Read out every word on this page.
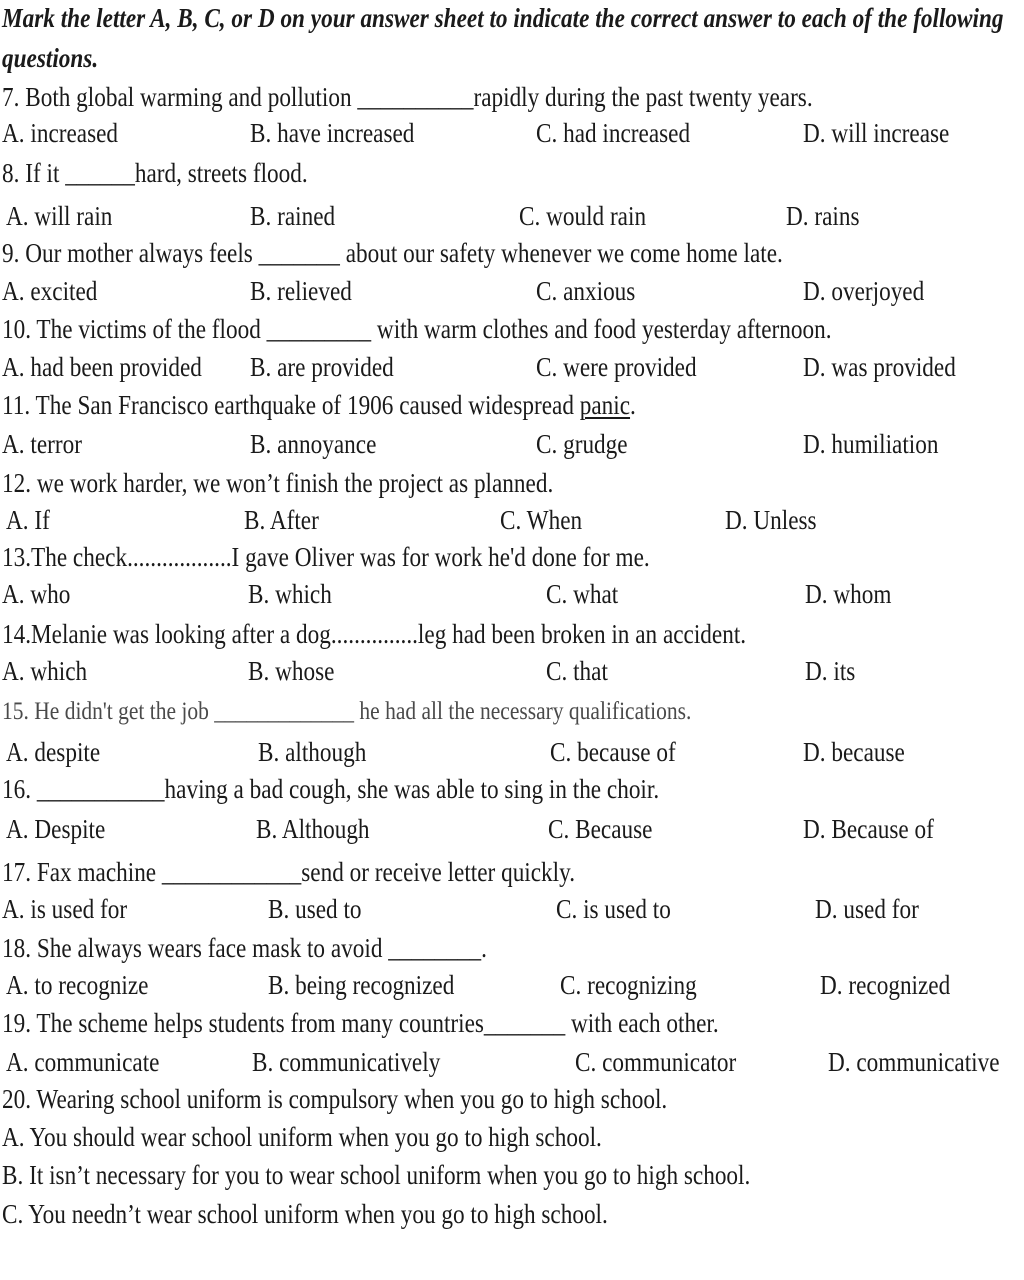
Mark the letter A, B, C, or D on your answer sheet to indicate the correct answer to each of the following
questions.
7. Both global warming and pollution __________rapidly during the past twenty years.
A. increased	B. have increased	C. had increased	D. will increase
8. If it ______hard, streets flood.
A. will rain	B. rained	C. would rain	D. rains
9. Our mother always feels _______ about our safety whenever we come home late.
A. excited	B. relieved	C. anxious	D. overjoyed
10. The victims of the flood _________ with warm clothes and food yesterday afternoon.
A. had been provided B. are provided	C. were provided	D. was provided
11. The San Francisco earthquake of 1906 caused widespread panic.
A. terror	B. annoyance	C. grudge	D. humiliation
12. we work harder, we won’t finish the project as planned.
A. If	B. After	C. When	D. Unless
13.The check..................I gave Oliver was for work he'd done for me.
A. who	B. which	C. what	D. whom
14.Melanie was looking after a dog...............leg had been broken in an accident.
A. which	B. whose	C. that	D. its
15. He didn't get the job _____________ he had all the necessary qualifications.
A. despite	B. although	C. because of	D. because
16. ___________having a bad cough, she was able to sing in the choir.
A. Despite	B. Although	C. Because	D. Because of
17. Fax machine ____________send or receive letter quickly.
A. is used for	B. used to	C. is used to	D. used for
18. She always wears face mask to avoid ________.
A. to recognize	B. being recognized	C. recognizing	D. recognized
19. The scheme helps students from many countries_______ with each other.
A. communicate	B. communicatively	C. communicator	D. communicative
20. Wearing school uniform is compulsory when you go to high school.
A. You should wear school uniform when you go to high school.
B. It isn’t necessary for you to wear school uniform when you go to high school.
C. You needn’t wear school uniform when you go to high school.
